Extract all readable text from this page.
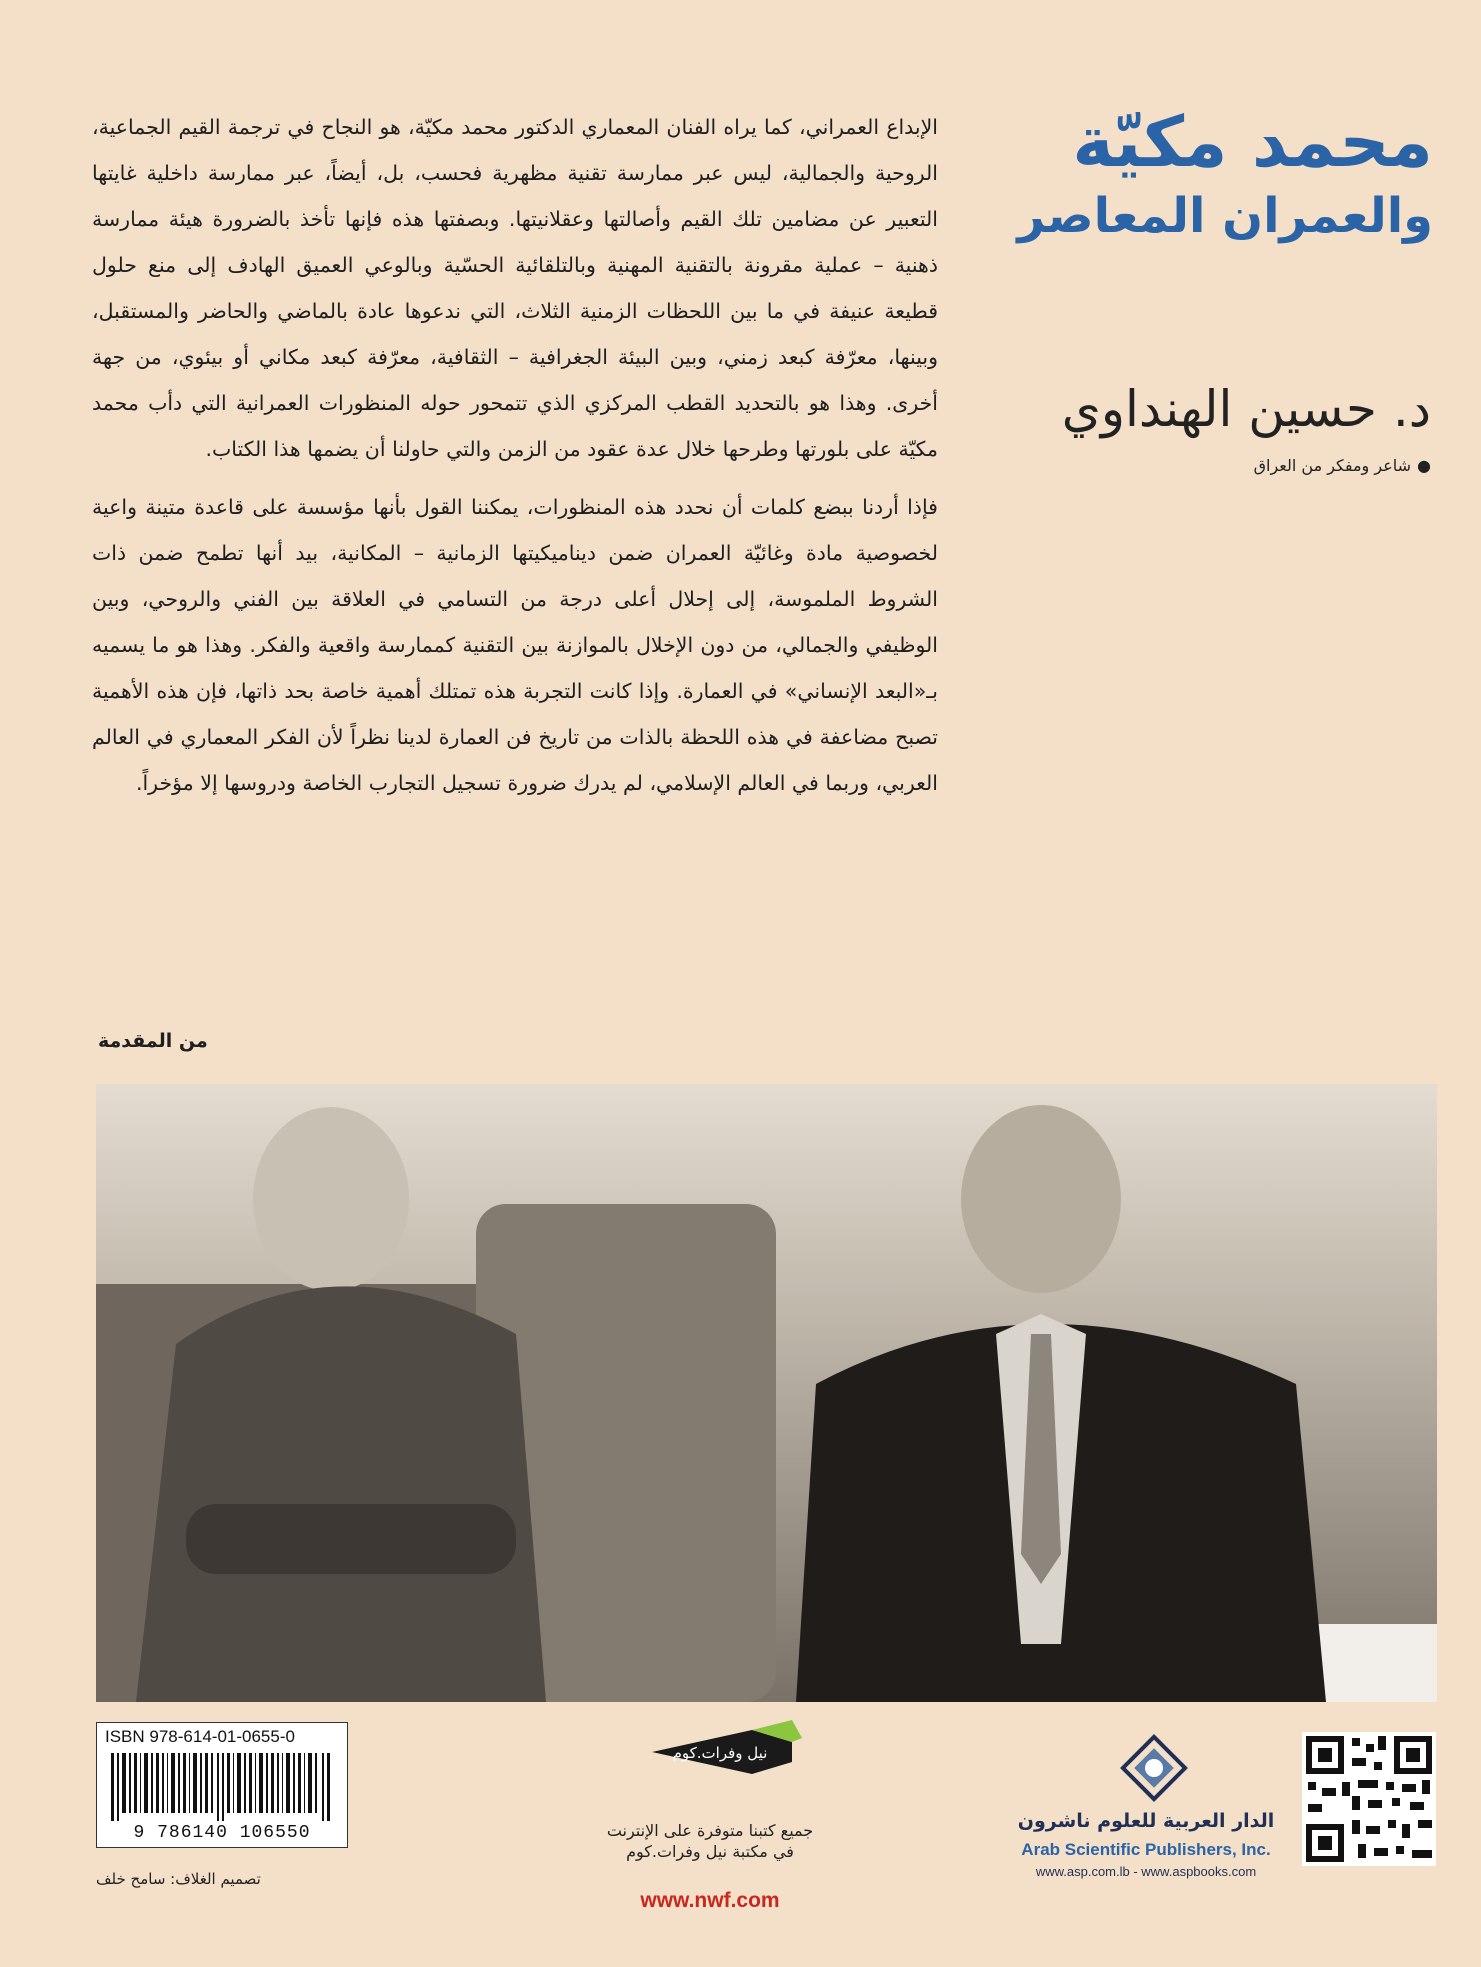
محمد مكيّة
والعمران المعاصر
د. حسين الهنداوي
●شاعر ومفكر من العراق

الإبداع العمراني، كما يراه الفنان المعماري الدكتور محمد مكيّة، هو النجاح في ترجمة القيم الجماعية، الروحية والجمالية، ليس عبر ممارسة تقنية مظهرية فحسب، بل، أيضاً، عبر ممارسة داخلية غايتها التعبير عن مضامين تلك القيم وأصالتها وعقلانيتها. وبصفتها هذه فإنها تأخذ بالضرورة هيئة ممارسة ذهنية – عملية مقرونة بالتقنية المهنية وبالتلقائية الحسّية وبالوعي العميق الهادف إلى منع حلول قطيعة عنيفة في ما بين اللحظات الزمنية الثلاث، التي ندعوها عادة بالماضي والحاضر والمستقبل، وبينها، معرّفة كبعد زمني، وبين البيئة الجغرافية – الثقافية، معرّفة كبعد مكاني أو بيئوي، من جهة أخرى. وهذا هو بالتحديد القطب المركزي الذي تتمحور حوله المنظورات العمرانية التي دأب محمد مكيّة على بلورتها وطرحها خلال عدة عقود من الزمن والتي حاولنا أن يضمها هذا الكتاب.

فإذا أردنا ببضع كلمات أن نحدد هذه المنظورات، يمكننا القول بأنها مؤسسة على قاعدة متينة واعية لخصوصية مادة وغائيّة العمران ضمن ديناميكيتها الزمانية – المكانية، بيد أنها تطمح ضمن ذات الشروط الملموسة، إلى إحلال أعلى درجة من التسامي في العلاقة بين الفني والروحي، وبين الوظيفي والجمالي، من دون الإخلال بالموازنة بين التقنية كممارسة واقعية والفكر. وهذا هو ما يسميه بـ«البعد الإنساني» في العمارة. وإذا كانت التجربة هذه تمتلك أهمية خاصة بحد ذاتها، فإن هذه الأهمية تصبح مضاعفة في هذه اللحظة بالذات من تاريخ فن العمارة لدينا نظراً لأن الفكر المعماري في العالم العربي، وربما في العالم الإسلامي، لم يدرك ضرورة تسجيل التجارب الخاصة ودروسها إلا مؤخراً.

من المقدمة
ISBN 978-614-01-0655-0
9 786140 106550
تصميم الغلاف: سامح خلف
نيل وفرات.كوم
جميع كتبنا متوفرة على الإنترنت
في مكتبة نيل وفرات.كوم
www.nwf.com
الدار العربية للعلوم ناشرون
Arab Scientific Publishers, Inc.
www.asp.com.lb - www.aspbooks.com
